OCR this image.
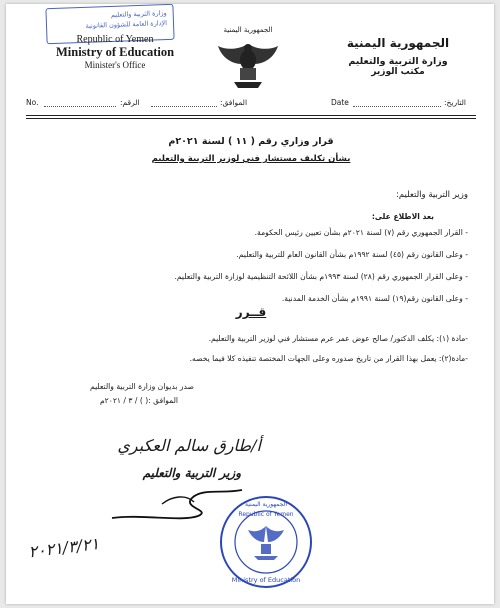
وزارة التربية والتعليم
الإدارة العامة للشؤون القانونية
Republic of Yemen
Ministry of Education
Minister's Office
الجمهورية اليمنية
الجمهورية اليمنية
وزارة التربية والتعليم
مكتب الوزير
No.	:الرقم	:الموافق	Date	:التاريخ
قرار وزاري رقم ( ١١ ) لسنة ٢٠٢١م
بشأن تكليف مستشار فني لوزير التربية والتعليم
وزير التربية والتعليم:
بعد الاطلاع على:
- القرار الجمهوري رقم (٧) لسنة ٢٠٢١م بشأن تعيين رئيس الحكومة.
- وعلى القانون رقم (٤٥) لسنة ١٩٩٢م بشأن القانون العام للتربية والتعليم.
- وعلى القرار الجمهوري رقم (٢٨) لسنة ١٩٩٣م بشأن اللائحة التنظيمية لوزارة التربية والتعليم.
- وعلى القانون رقم(١٩) لسنة ١٩٩١م بشأن الخدمة المدنية.
قــرر
-مادة (١): يكلف الدكتور/ صالح عوض عمر عرم مستشار فني لوزير التربية والتعليم.
-مادة(٢): يعمل بهذا القرار من تاريخ صدوره وعلى الجهات المختصة تنفيذه كلا فيما يخصه.
صدر بديوان وزارة التربية والتعليم
الموافق :( ) / ٣ / ٢٠٢١م
أ/طارق سالم العكبري
وزير التربية والتعليم
٢٠٢١/٣/٢١
الجمهورية اليمنية
Republic of Yemen
Ministry of Education
